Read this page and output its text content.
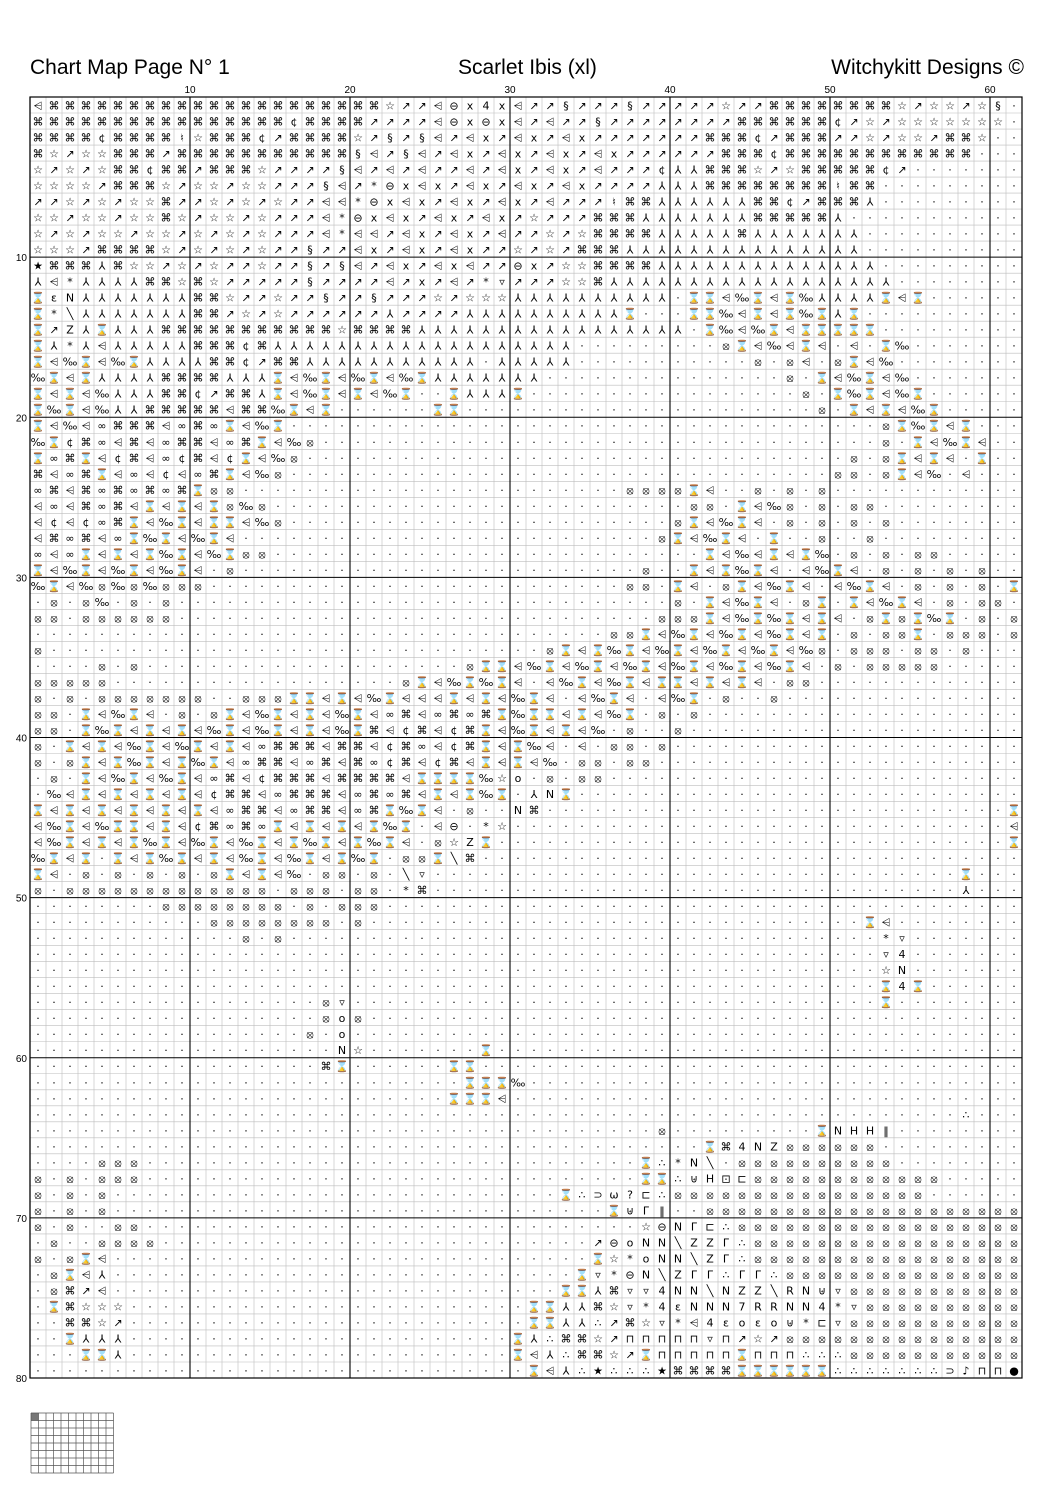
Chart Map Page N° 1	Scarlet Ibis (xl)	Witchykitt Designs ©
⩤ ⌘ ⌘ ⌘ ⌘ ⌘ ⌘ ⌘ ⌘ ⌘ ⌘ ⌘ ⌘ ⌘ ⌘ ⌘ ⌘ ⌘ ⌘ ⌘ ⌘ ⌘ ☆ ↗ ↗ ⩤ ⊖ x 4 x ⩤ ↗ ↗ § ↗ ↗ ↗ § ↗ ↗ ↗ ↗ ↗ ☆ ↗ ↗ ⌘ ⌘ ⌘ ⌘ ⌘ ⌘ ⌘ ⌘ ☆ ↗ ☆ ☆ ↗ ☆ § ·
⌘ ⌘ ⌘ ⌘ ⌘ ⌘ ⌘ ⌘ ⌘ ⌘ ⌘ ⌘ ⌘ ⌘ ⌘ ⌘ ¢ ⌘ ⌘ ⌘ ⌘ ↗ ↗ ↗ ↗ ⩤ ⊖ x ⊖ x ⩤ ↗ ⩤ ↗ ↗ § ↗ ↗ ↗ ↗ ↗ ↗ ↗ ↗ ⌘ ⌘ ⌘ ⌘ ⌘ ⌘ ¢ ↗ ☆ ↗ ☆ ☆ ☆ ☆ ☆ ☆ ☆ ·
⌘ ⌘ ⌘ ⌘ ¢ ⌘ ⌘ ⌘ ⌘ ♮ ☆ ⌘ ⌘ ⌘ ¢ ↗ ⌘ ⌘ ⌘ ⌘ ☆ ↗ § ↗ § ⩤ ↗ ⩤ x ↗ ⩤ x ↗ ⩤ x ↗ ↗ ↗ ↗ ↗ ↗ ↗ ⌘ ⌘ ⌘ ¢ ↗ ⌘ ⌘ ⌘ ↗ ↗ ☆ ↗ ☆ ☆ ↗ ⌘ ⌘ ☆ · ·
⌘ ☆ ↗ ☆ ☆ ⌘ ⌘ ⌘ ↗ ⌘ ⌘ ⌘ ⌘ ⌘ ⌘ ⌘ ⌘ ⌘ ⌘ ⌘ § ⩤ ↗ § ⩤ ↗ ⩤ x ↗ ⩤ x ↗ ⩤ x ↗ ⩤ x ↗ ↗ ↗ ↗ ↗ ↗ ⌘ ⌘ ⌘ ¢ ⌘ ⌘ ⌘ ⌘ ⌘ ⌘ ⌘ ⌘ ⌘ ⌘ ⌘ ⌘ · · ·
☆ ↗ ☆ ↗ ☆ ⌘ ⌘ ¢ ⌘ ⌘ ↗ ⌘ ⌘ ⌘ ☆ ↗ ↗ ↗ ↗ § ⩤ ↗ ⩤ ↗ ⩤ ↗ ↗ ⩤ ↗ ⩤ x ↗ ⩤ x ↗ ⩤ ↗ ↗ ↗ ¢ ⅄ ⅄ ⌘ ⌘ ⌘ ☆ ↗ ☆ ⌘ ⌘ ⌘ ⌘ ⌘ ¢ ↗ · · · · · · ·
☆ ☆ ☆ ☆ ↗ ⌘ ⌘ ⌘ ☆ ↗ ☆ ☆ ↗ ☆ ☆ ↗ ↗ ↗ § ⩤ ↗ * ⊖ x ⩤ x ↗ ⩤ x ↗ ⩤ x ↗ ⩤ x ↗ ↗ ↗ ↗ ⅄ ⅄ ⅄ ⌘ ⌘ ⌘ ⌘ ⌘ ⌘ ⌘ ⌘ ♮ ⌘ ⌘ · · · · · · · · ·
↗ ↗ ☆ ↗ ☆ ↗ ☆ ☆ ⌘ ↗ ↗ ☆ ↗ ☆ ↗ ☆ ↗ ↗ ⩤ ⩤ * ⊖ x ⩤ x ↗ ⩤ x ↗ ⩤ x ↗ ⩤ ↗ ↗ ↗ ♮ ⌘ ⌘ ⅄ ⅄ ⅄ ⅄ ⅄ ⅄ ⌘ ⌘ ¢ ↗ ⌘ ⌘ ⌘ ⅄ · · · · · · · · ·
☆ ☆ ↗ ☆ ☆ ↗ ☆ ☆ ⌘ ☆ ↗ ☆ ☆ ↗ ☆ ↗ ↗ ↗ ⩤ * ⊖ x ⩤ x ↗ ⩤ x ↗ ⩤ x ↗ ☆ ↗ ↗ ↗ ⌘ ⌘ ⌘ ⅄ ⅄ ⅄ ⅄ ⅄ ⅄ ⅄ ⌘ ⌘ ⌘ ⌘ ⌘ ⅄ · · · · · · · · · · ·
☆ ↗ ☆ ↗ ☆ ☆ ↗ ☆ ☆ ↗ ☆ ↗ ☆ ↗ ☆ ↗ ↗ ↗ ⩤ * ⩤ ⩤ ↗ ⩤ x ↗ ⩤ x ↗ ⩤ ↗ ↗ ☆ ↗ ☆ ⌘ ⌘ ⌘ ⌘ ⅄ ⅄ ⅄ ⅄ ⅄ ⌘ ⅄ ⅄ ⅄ ⅄ ⅄ ⅄ ⅄ · · · · · · · · · ·
☆ ☆ ☆ ↗ ⌘ ⌘ ⌘ ⌘ ☆ ↗ ☆ ↗ ☆ ↗ ☆ ↗ ↗ § ↗ ↗ ⩤ x ↗ ⩤ x ↗ ⩤ x ↗ ↗ ☆ ↗ ☆ ↗ ⌘ ⌘ ⌘ ⅄ ⅄ ⅄ ⅄ ⅄ ⅄ ⅄ ⅄ ⅄ ⅄ ⅄ ⅄ ⅄ ⅄ ⅄ · · · · · · · · · ·
★ ⌘ ⌘ ⌘ ⅄ ⌘ ☆ ☆ ↗ ☆ ↗ ☆ ↗ ↗ ☆ ↗ ↗ § ↗ § ⩤ ↗ ⩤ x ↗ ⩤ x ⩤ ↗ ↗ ⊖ x ↗ ☆ ☆ ⌘ ⌘ ⌘ ⌘ ⅄ ⅄ ⅄ ⅄ ⅄ ⅄ ⅄ ⅄ ⅄ ⅄ ⅄ ⅄ ⅄ ⅄ · · · · · · · · ·
⅄ ⩤ * ⅄ ⅄ ⅄ ⅄ ⌘ ⌘ ☆ ⌘ ☆ ↗ ↗ ↗ ↗ ↗ § ↗ ↗ ↗ ↗ ⩤ ↗ x ↗ ⩤ ↗ * ▿ ↗ ↗ ↗ ☆ ☆ ⌘ ⅄ ⅄ ⅄ ⅄ ⅄ ⅄ ⅄ ⅄ ⅄ ⅄ ⅄ ⅄ ⅄ ⅄ ⅄ ⅄ ⅄ ⅄ · · · · · · · ·
⌛ ɛ N ⅄ ⅄ ⅄ ⅄ ⅄ ⅄ ⅄ ⌘ ⌘ ☆ ↗ ↗ ☆ ↗ ↗ § ↗ ↗ § ↗ ↗ ↗ ☆ ↗ ☆ ☆ ☆ ⅄ ⅄ ⅄ ⅄ ⅄ ⅄ ⅄ ⅄ ⅄ ⅄ · ⌛ ⌛ ⩤ ‰ ⌛ ⩤ ⌛ ‰ ⅄ ⅄ ⅄ ⅄ ⌛ ⩤ ⌛ · · · · · ·
⌛ * ╲ ⅄ ⅄ ⅄ ⅄ ⅄ ⅄ ⅄ ⌘ ⌘ ↗ ☆ ↗ ☆ ↗ ↗ ↗ ↗ ↗ ↗ ⅄ ↗ ↗ ↗ ↗ ⅄ ⅄ ⅄ ⅄ ⅄ ⅄ ⅄ ⅄ ⅄ ⅄ ⌛ · · · ⌛ ⌛ ‰ ⩤ ⌛ ⩤ ⌛ ‰ ⌛ ⅄ ⌛ · · · · · · · · · ·
⌛ ↗ Z ⅄ ⌛ ⅄ ⅄ ⅄ ⌘ ⌘ ⌘ ⌘ ⌘ ⌘ ⌘ ⌘ ⌘ ⌘ ⌘ ☆ ⌘ ⌘ ⌘ ⌘ ⅄ ⅄ ⅄ ⅄ ⅄ ⅄ ⅄ ⅄ ⅄ ⅄ ⅄ ⅄ ⅄ ⅄ ⅄ ⅄ ⅄ · ⌛ ‰ ⩤ ‰ ⌛ ⩤ ⌛ ⌛ ⌛ ⌛ ⌛ · · · · · · · · ·
⌛ ⅄ * ⅄ ⩤ ⅄ ⅄ ⅄ ⅄ ⅄ ⌘ ⌘ ⌘ ¢ ⌘ ⅄ ⅄ ⅄ ⅄ ⅄ ⅄ ⅄ ⅄ ⅄ ⅄ ⅄ ⅄ ⅄ ⅄ ⅄ ⅄ ⅄ ⅄ ⅄ · · · · · · · · · ⦻ ⌛ ⩤ ‰ ⩤ ⌛ ⩤ · ⩤ · ⌛ ‰ · · · · · · ·
⌛ ⩤ ‰ ⌛ ⩤ ‰ ⌛ ⅄ ⅄ ⅄ ⅄ ⌘ ⌘ ¢ ↗ ⌘ ⌘ ⅄ ⅄ ⅄ ⅄ ⅄ ⅄ ⅄ ⅄ ⅄ ⅄ ⅄ · ⅄ ⅄ ⅄ ⅄ ⅄ · · · · · · · · · · · ⦻ · ⦻ ⩤ · ⦻ ⌛ ⩤ ‰ · · · · · · · ·
‰ ⌛ ⩤ ⌛ ⅄ ⅄ ⅄ ⅄ ⌘ ⌘ ⌘ ⌘ ⅄ ⅄ ⅄ ⌛ ⩤ ‰ ⌛ ⩤ ‰ ⌛ ⩤ ‰ ⌛ ⅄ ⅄ ⅄ ⅄ ⅄ ⅄ ⅄ · · · · · · · · · · · · · · · ⦻ · ⌛ ⩤ ‰ ⌛ ⩤ ‰ · · · · · · ·
⌛ ⩤ ⌛ ⩤ ‰ ⅄ ⅄ ⅄ ⌘ ⌘ ¢ ↗ ⌘ ⌘ ⅄ ⌛ ⩤ ‰ ⌛ ⩤ ⌛ ⩤ ‰ ⌛ · · ⌛ ⅄ ⅄ ⅄ ⌛ · · · · · · · · · · · · · · · · · ⦻ · ⌛ ‰ ⌛ ⩤ ‰ ⌛ · · · · · ·
⌛ ‰ ⌛ ⩤ ‰ ⅄ ⅄ ⌘ ⌘ ⌘ ⌘ ⌘ ⩤ ⌘ ⌘ ‰ ⌛ ⩤ ⌛ · · · · · · ⌛ ⌛ · · · · · · · · · · · · · · · · · · · · · · ⦻ · ⌛ ⩤ ⌛ ⩤ ‰ ⌛ · · · · ·
⌛ ⩤ ‰ ⩤ ∞ ⌘ ⌘ ⌘ ⩤ ∞ ⌘ ∞ ⌛ ⩤ ‰ ⌛ · · · · · · · · · · · · · · · · · · · · · · · · · · · · · · · · · · · · · ⦻ ⌛ ‰ ⌛ ⩤ ⌛ · · ·
‰ ⌛ ¢ ⌘ ∞ ⩤ ⌘ ⩤ ∞ ⌘ ⌘ ⩤ ∞ ⌘ ⌛ ⩤ ‰ ⦻ · · · · · · · · · · · · · · · · · · · · · · · · · · · · · · · · · · · ⦻ · ⌛ ⩤ ‰ ⌛ ⩤ · ·
⌛ ∞ ⌘ ⌛ ⩤ ¢ ⌘ ⩤ ∞ ¢ ⌘ ⩤ ¢ ⌛ ⩤ ‰ ⦻ · · · · · · · · · · · · · · · · · · · · · · · · · · · · · · · · · · ⦻ · ⦻ ⌛ ⩤ ⌛ ⩤ · ⌛ · ·
⌘ ⩤ ∞ ⌘ ⌛ ⩤ ∞ ⩤ ¢ ⩤ ∞ ⌘ ⌛ ⩤ ‰ ⦻ · · · · · · · · · · · · · · · · · · · · · · · · · · · · · · · · · · ⦻ ⦻ · ⦻ ⌛ ⩤ ‰ · ⩤ · · ·
∞ ⌘ ⩤ ⌘ ∞ ⌘ ∞ ⌘ ∞ ⌘ ⌛ ⦻ ⦻ · · · · · · · · · · · · · · · · · · · · · · · · ⦻ ⦻ ⦻ ⦻ ⌛ ⩤ · · ⦻ · ⦻ · ⦻ · · · · · · · · · · · ·
⩤ ∞ ⩤ ⌘ ∞ ⌘ ⩤ ⌛ ⩤ ⌛ ⩤ ⌛ ⦻ ‰ ⦻ · · · · · · · · · · · · · · · · · · · · · · · · · · ⦻ ⦻ · ⌛ ⩤ ‰ ⦻ · ⦻ · ⦻ ⦻ · · · · · · · · ·
⩤ ¢ ⩤ ¢ ∞ ⌘ ⌛ ⩤ ‰ ⌛ ⩤ ⌛ ⌛ ⩤ ‰ ⦻ · · · · · · · · · · · · · · · · · · · · · · · · ⦻ ⌛ ⩤ ‰ ⌛ ⩤ · ⦻ · ⦻ · ⦻ · ⦻ · · · · · · · ·
⩤ ⌘ ∞ ⌘ ⩤ ∞ ⌛ ‰ ⌛ ⩤ ‰ ⌛ ⩤ · · · · · · · · · · · · · · · · · · · · · · · · · · ⦻ ⌛ ⩤ ‰ ⌛ ⩤ · ⌛ · · ⦻ · · ⦻ · · · · · · · · ·
∞ ⩤ ∞ ⌛ ⩤ ⌛ ⩤ ⌛ ‰ ⌛ ⩤ ‰ ⌛ ⦻ ⦻ · · · · · · · · · · · · · · · · · · · · · · · · · · · ⌛ ⩤ ‰ ⩤ ⌛ ⩤ ⌛ ‰ · ⦻ · ⦻ · ⦻ ⦻ · · · · ·
⌛ ⩤ ‰ ⌛ ⩤ ‰ ⌛ ⩤ ‰ ⌛ ⩤ · ⦻ · · · · · · · · · · · · · · · · · · · · · · · · · ⦻ · · ⌛ ⩤ ⌛ ‰ ⌛ ⩤ · ⩤ ‰ ⌛ ⩤ · ⦻ · ⦻ · ⦻ · ⦻ · ·
‰ ⌛ ⩤ ‰ ⦻ ‰ ⦻ ‰ ⦻ ⦻ ⦻ · · · · · · · · · · · · · · · · · · · · · · · · · · ⦻ ⦻ · ⌛ ⩤ · ⦻ ⌛ ⩤ ‰ ⌛ ⩤ · ⩤ ‰ ⌛ ⩤ · ⦻ · ⦻ · ⦻ · ⌛
· ⦻ · ⦻ ‰ · ⦻ · ⦻ · · · · · · · · · · · · · · · · · · · · · · · · · · · · · · · ⦻ · ⌛ ⩤ ‰ ⌛ ⩤ · ⦻ ⌛ · ⌛ ⩤ ‰ ⌛ ⩤ · ⦻ · ⦻ ⦻ ·
⦻ ⦻ · ⦻ ⦻ ⦻ ⦻ ⦻ ⦻ · · · · · · · · · · · · · · · · · · · · · · · · · · · · · · ⦻ ⦻ ⦻ ⌛ ⩤ ‰ ⌛ ‰ ⌛ ⩤ ⌛ ⩤ · ⦻ ⌛ ⦻ ⌛ ‰ ⌛ · ⦻ · ⦻
· · · · · · · · · · · · · · · · · · · · · · · · · · · · · · · · · · · · ⦻ ⦻ ⌛ ⩤ ‰ ⌛ ⩤ ‰ ⌛ ⩤ ‰ ⌛ ⩤ ⌛ · ⦻ · ⦻ ⦻ ⌛ · ⦻ ⦻ ⦻ · ⦻
⦻ · · · · · · · · · · · · · · · · · · · · · · · · · · · · · · · ⦻ ⌛ ⩤ ⌛ ‰ ⌛ ⩤ ‰ ⌛ ⩤ ‰ ⌛ ⩤ ‰ ⌛ ⩤ ‰ ⦻ · ⦻ ⦻ ⦻ · ⦻ ⦻ · ⦻ · · ·
· · · · ⦻ · ⦻ · · · · · · · · · · · · · · · · · · · · ⦻ ⌛ ⌛ ⩤ ‰ ⌛ ⩤ ‰ ⌛ ⩤ ‰ ⌛ ⩤ ‰ ⌛ ⩤ ‰ ⌛ ⩤ ‰ ⌛ ⩤ · ⦻ · ⦻ ⦻ ⦻ ⦻ ⦻ · · · · ·
⦻ ⦻ ⦻ ⦻ ⦻ · · · · · · · · · · · · · · · · · · ⦻ ⌛ ⩤ ‰ ⌛ ‰ ⌛ ⩤ · ⩤ ‰ ⌛ ⩤ ‰ ⌛ ⩤ ⌛ ⌛ ⩤ ⌛ ⩤ ⌛ ⩤ · ⦻ ⦻ · · · · · · · · · · · · ·
⦻ · ⦻ · ⦻ ⦻ ⦻ ⦻ ⦻ ⦻ ⦻ · · ⦻ ⦻ ⦻ ⌛ ⌛ ⩤ ⌛ ⩤ ‰ ⌛ ⩤ ⩤ ⩤ ⌛ ⩤ ⌛ ⩤ ‰ ⌛ ⩤ · ⩤ ‰ ⌛ ⩤ · ⩤ ‰ ⌛ · ⦻ · · ⦻ · · · · · · · · · · · · · · ·
⦻ ⦻ · ⌛ ⩤ ‰ ⌛ ⩤ · ⦻ · ⦻ ⌛ ⩤ ‰ ⌛ ⩤ ⌛ ⩤ ‰ ⌛ ⩤ ∞ ⌘ ⩤ ∞ ⌘ ∞ ⌘ ⌛ ‰ ⌛ ⌛ ⩤ ⌛ ⩤ ‰ ⌛ · ⦻ · ⦻ · · · · · · · · · · · · · · · · · · · ·
⦻ ⦻ · ⌛ ‰ ⌛ ⩤ ⌛ ⩤ ⌛ ⩤ ‰ ⌛ ⩤ ‰ ⌛ ⩤ ⌛ ⩤ ‰ ⌛ ⌘ ⩤ ¢ ⌘ ⩤ ¢ ⌘ ⌛ ⩤ ‰ ⌛ ⩤ ⌛ ⩤ ‰ · ⦻ · · ⦻ · · · · · · · · · · · · · · · · · · · · ·
⦻ · ⌛ ⩤ ⌛ ⩤ ‰ ⌛ ⩤ ‰ ⌛ ⩤ ⌛ ⩤ ∞ ⌘ ⌘ ⌘ ⩤ ⌘ ⌘ ⩤ ¢ ⌘ ∞ ⩤ ¢ ⌘ ⌛ ⩤ ⌛ ‰ ⩤ · ⩤ · ⦻ ⦻ · ⦻ · · · · · · · · · · · · · · · · · · · · · ·
⦻ · ⦻ ⌛ ⩤ ⌛ ‰ ⌛ ⩤ ⌛ ‰ ⌛ ⩤ ∞ ⌘ ⌘ ⩤ ∞ ⌘ ⩤ ⌘ ∞ ¢ ⌘ ⩤ ¢ ⌘ ⩤ ⌛ ⩤ ⌛ ⩤ ‰ · ⦻ ⦻ · ⦻ ⦻ · · · · · · · · · · · · · · · · · · · · · · ·
· ⦻ · ⌛ ⩤ ‰ ⌛ ⩤ ‰ ⌛ ⩤ ∞ ⌘ ⩤ ¢ ⌘ ⌘ ⌘ ⩤ ⌘ ⌘ ⌘ ⌘ ⩤ ⌛ ⌛ ⌛ ⌛ ‰ ☆ o · ⦻ · ⦻ ⦻ · · · · · · · · · · · · · · · · · · · · · · · · · ·
· ‰ ⩤ ⌛ ⩤ ⌛ ⩤ ⌛ ⩤ ⌛ ⩤ ¢ ⌘ ⌘ ⩤ ∞ ⌘ ⌘ ⌘ ⩤ ∞ ⌘ ∞ ⌘ ⩤ ⌛ ⩤ ⌛ ‰ ⌛ · ⅄ N ⌛ · · · · · · · · · · · · · · · · · · · · · · · · · · · ·
⌛ ⩤ ⌛ ⩤ ⌛ ⩤ ⌛ ⩤ ⌛ ⩤ ⌛ ⩤ ∞ ⌘ ⌘ ⩤ ∞ ⌘ ⌘ ⩤ ∞ ⌘ ⌛ ‰ ⌛ ⩤ · ⦻ · · N ⌘ · · · · · · · · · · · · · · · · · · · · · · · · · · · · · ⌛
⩤ ‰ ⌛ ⩤ ‰ ⌛ ⌛ ⩤ ⌛ ⩤ ¢ ⌘ ∞ ⌘ ∞ ⌛ ⩤ ⌛ ⩤ ⌛ ⩤ ⌛ ‰ ⌛ · ⩤ ⊖ · * ☆ · · · · · · · · · · · · · · · · · · · · · · · · · · · · · · · ⩤
⩤ ‰ ⌛ ⩤ ⌛ ⩤ ⌛ ‰ ⌛ ⩤ ‰ ⌛ ⩤ ‰ ⌛ ⩤ ⌛ ‰ ⌛ ⩤ ⌛ ‰ ⌛ ⩤ · ⦻ ☆ Z ⌛ · · · · · · · · · · · · · · · · · · · · · · · · · · · · · · · · ⌛
‰ ⌛ ⩤ ⌛ · ⌛ ⩤ ⌛ ‰ ⌛ ⩤ ⌛ ⩤ ‰ ⌛ ⩤ ‰ ⌛ ⩤ ⌛ ‰ ⌛ · ⦻ ⦻ ⌛ ╲ ⌘ · · · · · · · · · · · · · · · · · · · · · · · · · · · · · · · · · ·
⌛ ⩤ · ⦻ · ⦻ · ⦻ · ⦻ · ⦻ ⌛ ⩤ ⌛ ⩤ ‰ · ⦻ ⦻ · ⦻ · ╲ ▿ · · · · · · · · · · · · · · · · · · · · · · · · · · · · · · · · · ⌛ · · ·
⦻ · ⦻ ⦻ ⦻ ⦻ ⦻ ⦻ ⦻ ⦻ ⦻ ⦻ ⦻ ⦻ ⦻ · ⦻ ⦻ ⦻ · ⦻ ⦻ · * ⌘ · · · · · · · · · · · · · · · · · · · · · · · · · · · · · · · · · ⅄ · · ·
· · · · · · · · ⦻ ⦻ ⦻ ⦻ ⦻ ⦻ ⦻ ⦻ · ⦻ · ⦻ ⦻ ⦻ · · · · · · · · · · · · · · · · · · · · · · · · · · · · · · · · · · · · · · · ·
· · · · · · · · · · · ⦻ ⦻ ⦻ ⦻ ⦻ ⦻ ⦻ ⦻ · ⦻ · · · · · · · · · · · · · · · · · · · · · · · · · · · · · · · ⌛ ⩤ · · · · · · · ·
· · · · · · · · · · · · · ⦻ · ⦻ · · · · · · · · · · · · · · · · · · · · · · · · · · · · · · · · · · · · · * ▿ · · · · · · ·
· · · · · · · · · · · · · · · · · · · · · · · · · · · · · · · · · · · · · · · · · · · · · · · · · · · · · ▿ 4 · · · · · · ·
· · · · · · · · · · · · · · · · · · · · · · · · · · · · · · · · · · · · · · · · · · · · · · · · · · · · · ☆ N · · · · · · ·
· · · · · · · · · · · · · · · · · · · · · · · · · · · · · · · · · · · · · · · · · · · · · · · · · · · · · ⌛ 4 ⌛ · · · · · ·
· · · · · · · · · · · · · · · · · · ⦻ ▿ · · · · · · · · · · · · · · · · · · · · · · · · · · · · · · · · · ⌛ · · · · · · · ·
· · · · · · · · · · · · · · · · · · ⦻ o ⦻ · · · · · · · · · · · · · · · · · · · · · · · · · · · · · · · · · · · · · · · · ·
· · · · · · · · · · · · · · · · · ⦻ · o · · · · · · · · · · · · · · · · · · · · · · · · · · · · · · · · · · · · · · · · · ·
· · · · · · · · · · · · · · · · · · · N ☆ · · · · · · · ⌛ · · · · · · · · · · · · · · · · · · · · · · · · · · · · · · · · ·
· · · · · · · · · · · · · · · · · · ⌘ ⌛ · · · · · · ⌛ ⌛ · · · · · · · · · · · · · · · · · · · · · · · · · · · · · · · · · ·
· · · · · · · · · · · · · · · · · · · · · · · · · · · ⌛ ⌛ ⌛ ‰ · · · · · · · · · · · · · · · · · · · · · · · · · · · · · · ·
· · · · · · · · · · · · · · · · · · · · · · · · · · ⌛ ⌛ ⌛ ⩤ · · · · · · · · · · · · · · · · · · · · · · · · · · · · · · · ·
· · · · · · · · · · · · · · · · · · · · · · · · · · · · · · · · · · · · · · · · · · · · · · · · · · · · · · · · · · ∴ · · ·
· · · · · · · · · · · · · · · · · · · · · · · · · · · · · · · · · · · · · · · ⦻ · · · · · · · · · ⌛ N H H ‖ · · · · · · · ·
· · · · · · · · · · · · · · · · · · · · · · · · · · · · · · · · · · · · · · · · · · ⌛ ⌘ 4 N Z ⦻ ⦻ ⦻ ⦻ ⦻ ⦻ · · · · · · · · ·
· · · · ⦻ ⦻ ⦻ · · · · · · · · · · · · · · · · · · · · · · · · · · · · · · · ⌛ ∴ * N ╲ · ⦻ ⦻ ⦻ ⦻ ⦻ ⦻ ⦻ ⦻ ⦻ ⦻ · · · · · · · ·
⦻ · ⦻ · ⦻ ⦻ ⦻ · · · · · · · · · · · · · · · · · · · · · · · · · · · · · · · ⌛ ⌛ ∴ ⊎ H ⊡ ⊏ ⦻ ⦻ ⦻ ⦻ ⦻ ⦻ ⦻ ⦻ ⦻ ⦻ ⦻ ⦻ · · · · ·
⦻ · ⦻ · ⦻ · · · · · · · · · · · · · · · · · · · · · · · · · · · · ⌛ ∴ ⊃ ω ? ⊏ ∴ ⦻ ⦻ ⦻ ⦻ ⦻ ⦻ ⦻ ⦻ ⦻ ⦻ ⦻ ⦻ ⦻ ⦻ ⦻ ⦻ · · · · · ·
⦻ · ⦻ · ⦻ · · · · · · · · · · · · · · · · · · · · · · · · · · · · · · · ⌛ ⊎ Γ ‖ · · ⦻ ⦻ ⦻ ⦻ ⦻ ⦻ ⦻ ⦻ ⦻ ⦻ ⦻ ⦻ ⦻ ⦻ ⦻ ⦻ ⦻ ⦻ ⦻ ⦻
⦻ · ⦻ · · ⦻ ⦻ · · · · · · · · · · · · · · · · · · · · · · · · · · · · · · · ☆ ⊖ N Γ ⊏ ∴ ⦻ ⦻ ⦻ ⦻ ⦻ ⦻ ⦻ ⦻ ⦻ ⦻ ⦻ ⦻ ⦻ ⦻ ⦻ ⦻ ⦻ ⦻
· ⦻ · · ⦻ ⦻ ⦻ ⦻ · · · · · · · · · · · · · · · · · · · · · · · · · · · ↗ ⊖ o N N ╲ Z Z Γ ∴ ⦻ ⦻ ⦻ ⦻ ⦻ ⦻ ⦻ ⦻ ⦻ ⦻ ⦻ ⦻ ⦻ ⦻ ⦻ ⦻ ⦻
⦻ · ⦻ ⌛ ⩤ · · · · · · · · · · · · · · · · · · · · · · · · · · · · · · ⌛ ☆ * o N N ╲ Z Γ ∴ ⦻ ⦻ ⦻ ⦻ ⦻ ⦻ ⦻ ⦻ ⦻ ⦻ ⦻ ⦻ ⦻ ⦻ ⦻ ⦻ ⦻
· ⦻ ⌛ ⩤ ⅄ · · · · · · · · · · · · · · · · · · · · · · · · · · · · · ⌛ ▿ * ⊖ N ╲ Z Γ Γ ∴ Γ Γ ∴ ⦻ ⦻ ⦻ ⦻ ⦻ ⦻ ⦻ ⦻ ⦻ ⦻ ⦻ ⦻ ⦻ ⦻ ⦻
· ⦻ ⌘ ↗ ⩤ · · · · · · · · · · · · · · · · · · · · · · · · · · · · ⌛ ⌛ ⅄ ⌘ ▿ ▿ 4 N N ╲ N Z Z ╲ R N ⊎ ▿ ⦻ ⦻ ⦻ ⦻ ⦻ ⦻ ⦻ ⦻ ⦻ ⦻ ⦻
· ⌛ ⌘ ☆ ☆ ☆ · · · · · · · · · · · · · · · · · · · · · · · · · ⌛ ⌛ ⅄ ⅄ ⌘ ☆ ▿ * 4 ɛ N N N 7 R R N N 4 * ▿ ⦻ ⦻ ⦻ ⦻ ⦻ ⦻ ⦻ ⦻ ⦻ ⦻
· · ⌘ ⌘ ☆ ↗ · · · · · · · · · · · · · · · · · · · · · · · · · ⌛ ⌛ ⅄ ⅄ ∴ ↗ ⌘ ☆ ▿ * ⩤ 4 ɛ o ɛ o ⊎ * ⊏ ▿ ⦻ ⦻ ⦻ ⦻ ⦻ ⦻ ⦻ ⦻ ⦻ ⦻ ⦻
· · ⌛ ⅄ ⅄ ⅄ · · · · · · · · · · · · · · · · · · · · · · · · ⌛ ⅄ ∴ ⌘ ⌘ ☆ ↗ ⊓ ⊓ ⊓ ⊓ ⊓ ▿ ⊓ ↗ ☆ ↗ ⦻ ⦻ ⦻ ⦻ ⦻ ⦻ ⦻ ⦻ ⦻ ⦻ ⦻ ⦻ ⦻ ⦻ ⦻
· · · ⌛ ⌛ ⅄ · · · · · · · · · · · · · · · · · · · · · · · · ⌛ ⩤ ⅄ ∴ ⌘ ⌘ ☆ ↗ ⌛ ⊓ ⊓ ⊓ ⊓ ⊓ ⌛ ⊓ ⊓ ⊓ ∴ ∴ ∴ ⦻ ⦻ ⦻ ⦻ ⦻ ⦻ ⦻ ⦻ ⦻ ⦻ ⦻
· · · · · · · · · · · · · · · · · · · · · · · · · · · · · · · ⌛ ⩤ ⅄ ∴ ★ ∴ ∴ ∴ ★ ⌘ ⌘ ⌘ ⌘ ⌛ ⌛ ⌛ ⌛ ⌛ ⌛ ∴ ∴ ∴ ∴ ∴ ∴ ∴ ⊃ ♪ ⊓ ⊓ ●
10	20	30	40	50	60
10
20
30
40
50
60
70
80
